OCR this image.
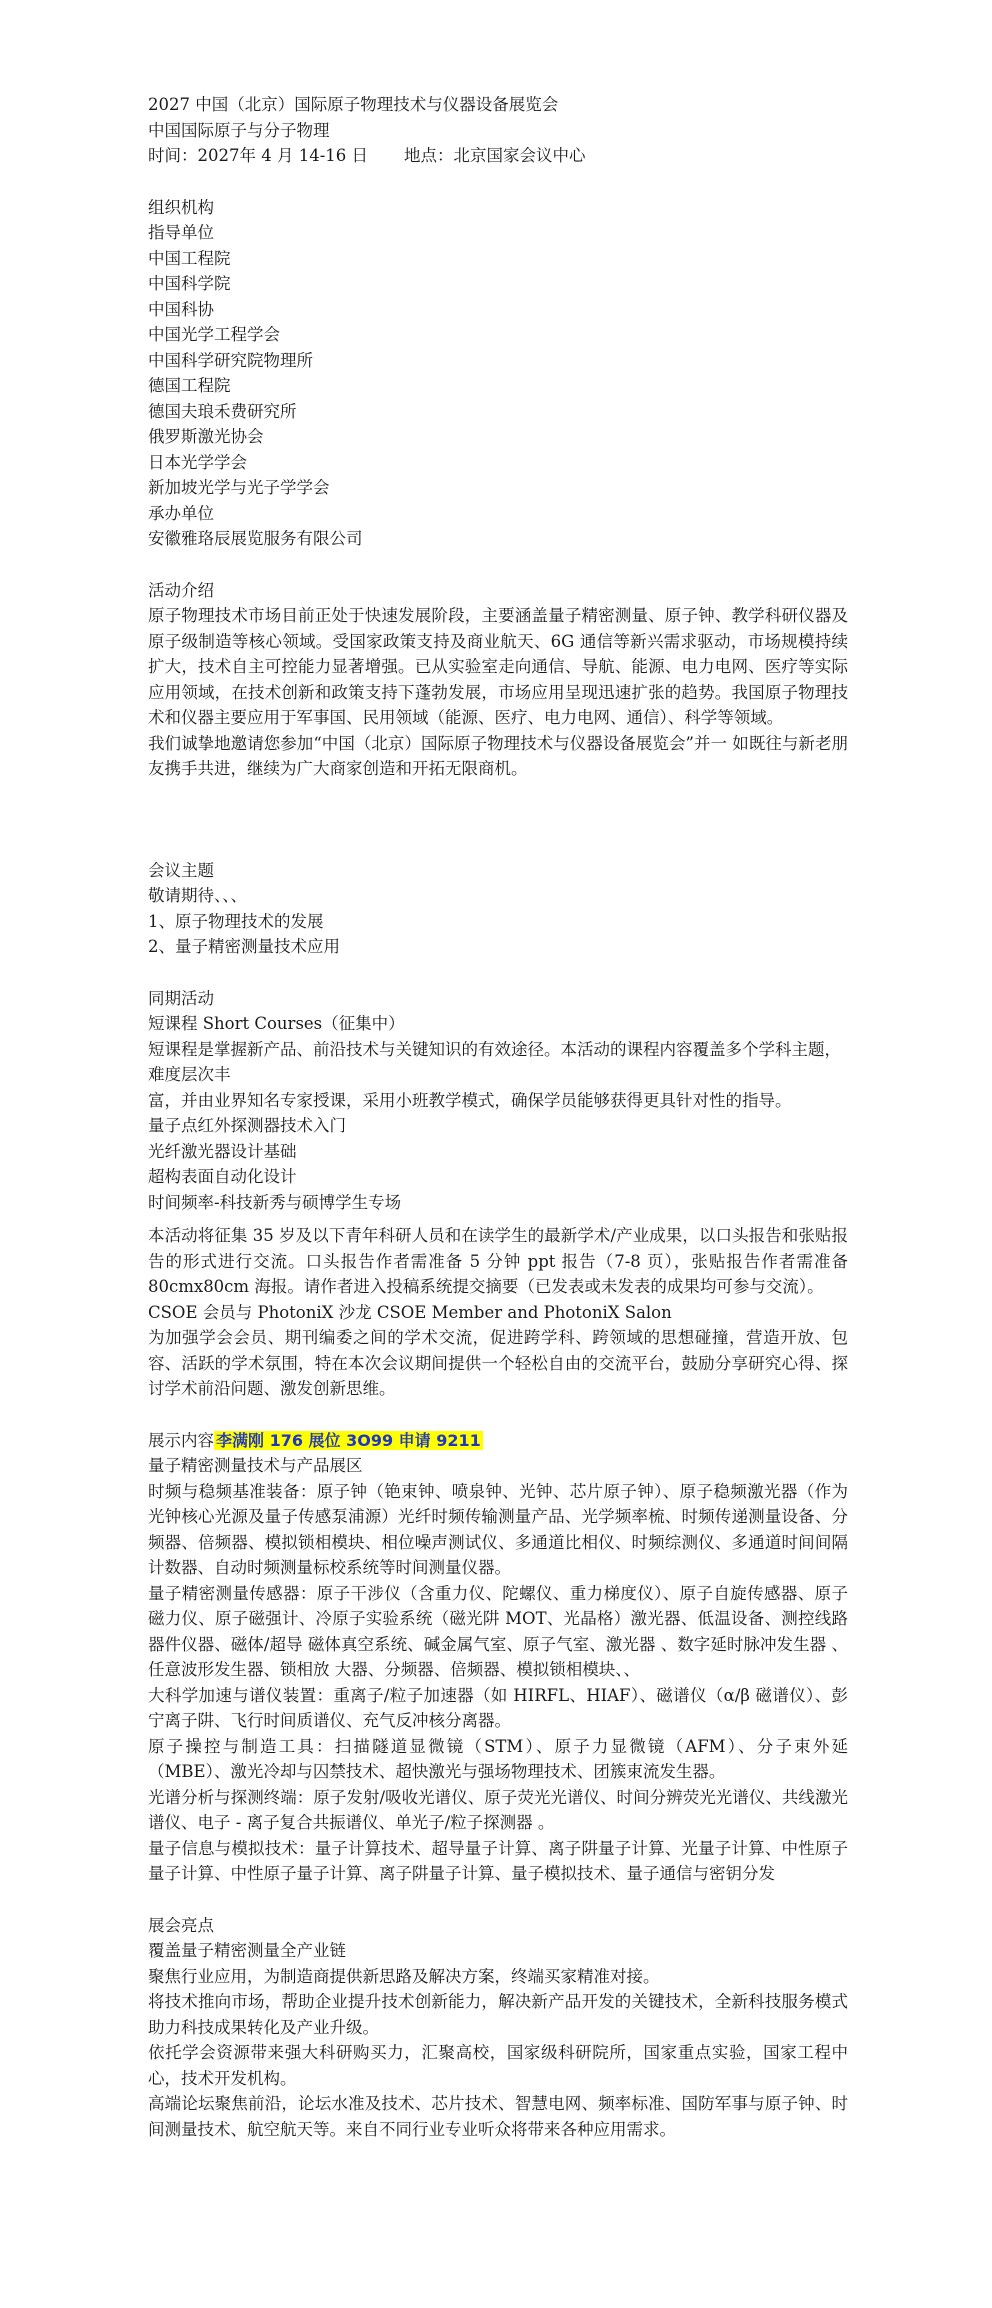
2027 中国（北京）国际原子物理技术与仪器设备展览会
中国国际原子与分子物理
时间：2027年 4 月 14-16 日 地点：北京国家会议中心
组织机构
指导单位
中国工程院
中国科学院
中国科协
中国光学工程学会
中国科学研究院物理所
德国工程院
德国夫琅禾费研究所
俄罗斯激光协会
日本光学学会
新加坡光学与光子学学会
承办单位
安徽雅珞辰展览服务有限公司
活动介绍
原子物理技术市场目前正处于快速发展阶段，主要涵盖量子精密测量、原子钟、教学科研仪器及原子级制造等核心领域。受国家政策支持及商业航天、6G 通信等新兴需求驱动，市场规模持续扩大，技术自主可控能力显著增强。已从实验室走向通信、导航、能源、电力电网、医疗等实际应用领域，在技术创新和政策支持下蓬勃发展，市场应用呈现迅速扩张的趋势。我国原子物理技术和仪器主要应用于军事国、民用领域（能源、医疗、电力电网、通信）、科学等领域。
我们诚挚地邀请您参加“中国（北京）国际原子物理技术与仪器设备展览会”并一 如既往与新老朋友携手共进，继续为广大商家创造和开拓无限商机。
会议主题
敬请期待、、、
1、原子物理技术的发展
2、量子精密测量技术应用
同期活动
短课程 Short Courses（征集中）
短课程是掌握新产品、前沿技术与关键知识的有效途径。本活动的课程内容覆盖多个学科主题，难度层次丰
富，并由业界知名专家授课，采用小班教学模式，确保学员能够获得更具针对性的指导。
量子点红外探测器技术入门
光纤激光器设计基础
超构表面自动化设计
时间频率-科技新秀与硕博学生专场
本活动将征集 35 岁及以下青年科研人员和在读学生的最新学术/产业成果，以口头报告和张贴报告的形式进行交流。口头报告作者需准备 5 分钟 ppt 报告（7-8 页），张贴报告作者需准备 80cmx80cm 海报。请作者进入投稿系统提交摘要（已发表或未发表的成果均可参与交流）。
CSOE 会员与 PhotoniX 沙龙 CSOE Member and PhotoniX Salon
为加强学会会员、期刊编委之间的学术交流，促进跨学科、跨领域的思想碰撞，营造开放、包容、活跃的学术氛围，特在本次会议期间提供一个轻松自由的交流平台，鼓励分享研究心得、探讨学术前沿问题、激发创新思维。
展示内容 李满刚 176 展位 3O99 申请 9211
量子精密测量技术与产品展区
时频与稳频基准装备：原子钟（铯束钟、喷泉钟、光钟、芯片原子钟）、原子稳频激光器（作为光钟核心光源及量子传感泵浦源）光纤时频传输测量产品、光学频率梳、时频传递测量设备、分频器、倍频器、模拟锁相模块、相位噪声测试仪、多通道比相仪、时频综测仪、多通道时间间隔计数器、自动时频测量标校系统等时间测量仪器。
量子精密测量传感器：原子干涉仪（含重力仪、陀螺仪、重力梯度仪）、原子自旋传感器、原子磁力仪、原子磁强计、冷原子实验系统（磁光阱 MOT、光晶格）激光器、低温设备、测控线路器件仪器、磁体/超导 磁体真空系统、碱金属气室、原子气室、激光器 、数字延时脉冲发生器 、任意波形发生器、锁相放 大器、分频器、倍频器、模拟锁相模块、、
大科学加速与谱仪装置：重离子/粒子加速器（如 HIRFL、HIAF）、磁谱仪（α/β 磁谱仪）、彭宁离子阱、飞行时间质谱仪、充气反冲核分离器。
原子操控与制造工具：扫描隧道显微镜（STM）、原子力显微镜（AFM）、分子束外延（MBE）、激光冷却与囚禁技术、超快激光与强场物理技术、团簇束流发生器。
光谱分析与探测终端：原子发射/吸收光谱仪、原子荧光光谱仪、时间分辨荧光光谱仪、共线激光谱仪、电子 - 离子复合共振谱仪、单光子/粒子探测器 。
量子信息与模拟技术：量子计算技术、超导量子计算、离子阱量子计算、光量子计算、中性原子量子计算、中性原子量子计算、离子阱量子计算、量子模拟技术、量子通信与密钥分发
展会亮点
覆盖量子精密测量全产业链
聚焦行业应用，为制造商提供新思路及解决方案，终端买家精准对接。
将技术推向市场，帮助企业提升技术创新能力，解决新产品开发的关键技术，全新科技服务模式助力科技成果转化及产业升级。
依托学会资源带来强大科研购买力，汇聚高校，国家级科研院所，国家重点实验，国家工程中心，技术开发机构。
高端论坛聚焦前沿，论坛水准及技术、芯片技术、智慧电网、频率标准、国防军事与原子钟、时间测量技术、航空航天等。来自不同行业专业听众将带来各种应用需求。
